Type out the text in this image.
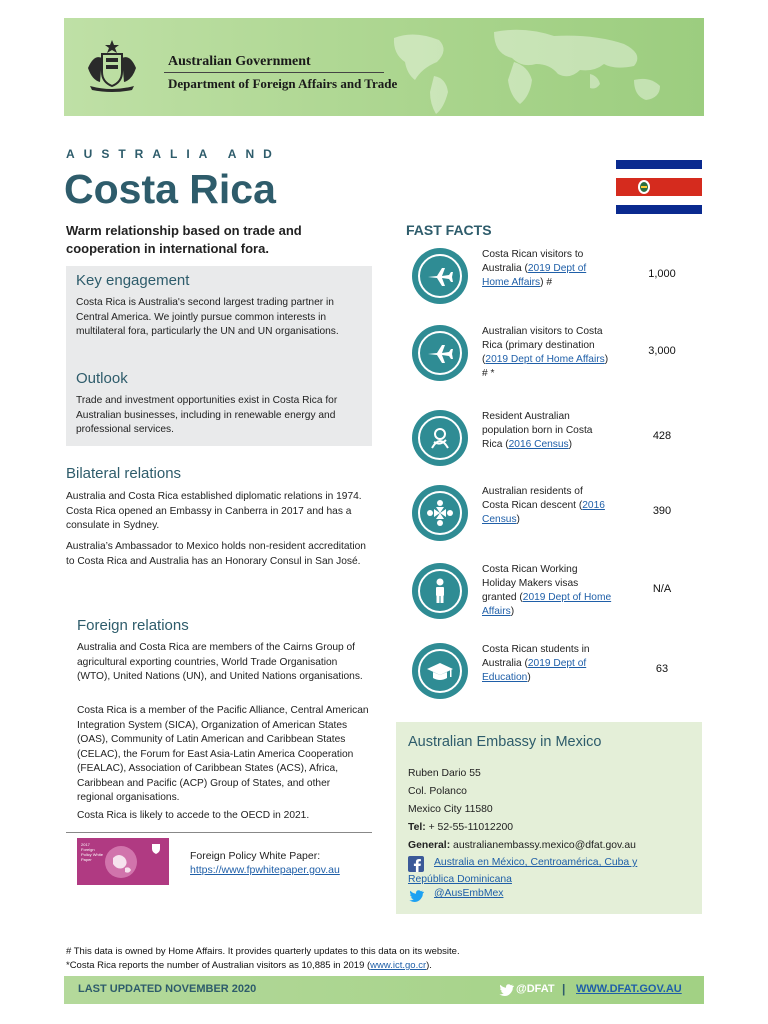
Australian Government
Department of Foreign Affairs and Trade
AUSTRALIA AND
Costa Rica
Warm relationship based on trade and cooperation in international fora.
Key engagement
Costa Rica is Australia's second largest trading partner in Central America. We jointly pursue common interests in multilateral fora, particularly the UN and UN organisations.
Outlook
Trade and investment opportunities exist in Costa Rica for Australian businesses, including in renewable energy and professional services.
Bilateral relations
Australia and Costa Rica established diplomatic relations in 1974. Costa Rica opened an Embassy in Canberra in 2017 and has a consulate in Sydney.
Australia’s Ambassador to Mexico holds non-resident accreditation to Costa Rica and Australia has an Honorary Consul in San José.
Foreign relations
Australia and Costa Rica are members of the Cairns Group of agricultural exporting countries, World Trade Organisation (WTO), United Nations (UN), and United Nations organisations.
Costa Rica is a member of the Pacific Alliance, Central American Integration System (SICA), Organization of American States (OAS), Community of Latin American and Caribbean States (CELAC), the Forum for East Asia-Latin America Cooperation (FEALAC), Association of Caribbean States (ACS), Africa, Caribbean and Pacific (ACP) Group of States, and other regional organisations.
Costa Rica is likely to accede to the OECD in 2021.
2017 Foreign Policy White Paper	Foreign Policy White Paper:
https://www.fpwhitepaper.gov.au
FAST FACTS
Costa Rican visitors to Australia (2019 Dept of Home Affairs) #
1,000
Australian visitors to Costa Rica (primary destination (2019 Dept of Home Affairs) # *
3,000
Resident Australian population born in Costa Rica (2016 Census)
428
Australian residents of Costa Rican descent (2016 Census)
390
Costa Rican Working Holiday Makers visas granted (2019 Dept of Home Affairs)
N/A
Costa Rican students in Australia (2019 Dept of Education)
63
Australian Embassy in Mexico
Ruben Dario 55
Col. Polanco
Mexico City 11580
Tel: + 52-55-11012200
General: australianembassy.mexico@dfat.gov.au
Australia en México, Centroamérica, Cuba y
República Dominicana
@AusEmbMex
# This data is owned by Home Affairs. It provides quarterly updates to this data on its website.
*Costa Rica reports the number of Australian visitors as 10,885 in 2019 (www.ict.go.cr).
LAST UPDATED NOVEMBER 2020	@DFAT | WWW.DFAT.GOV.AU
